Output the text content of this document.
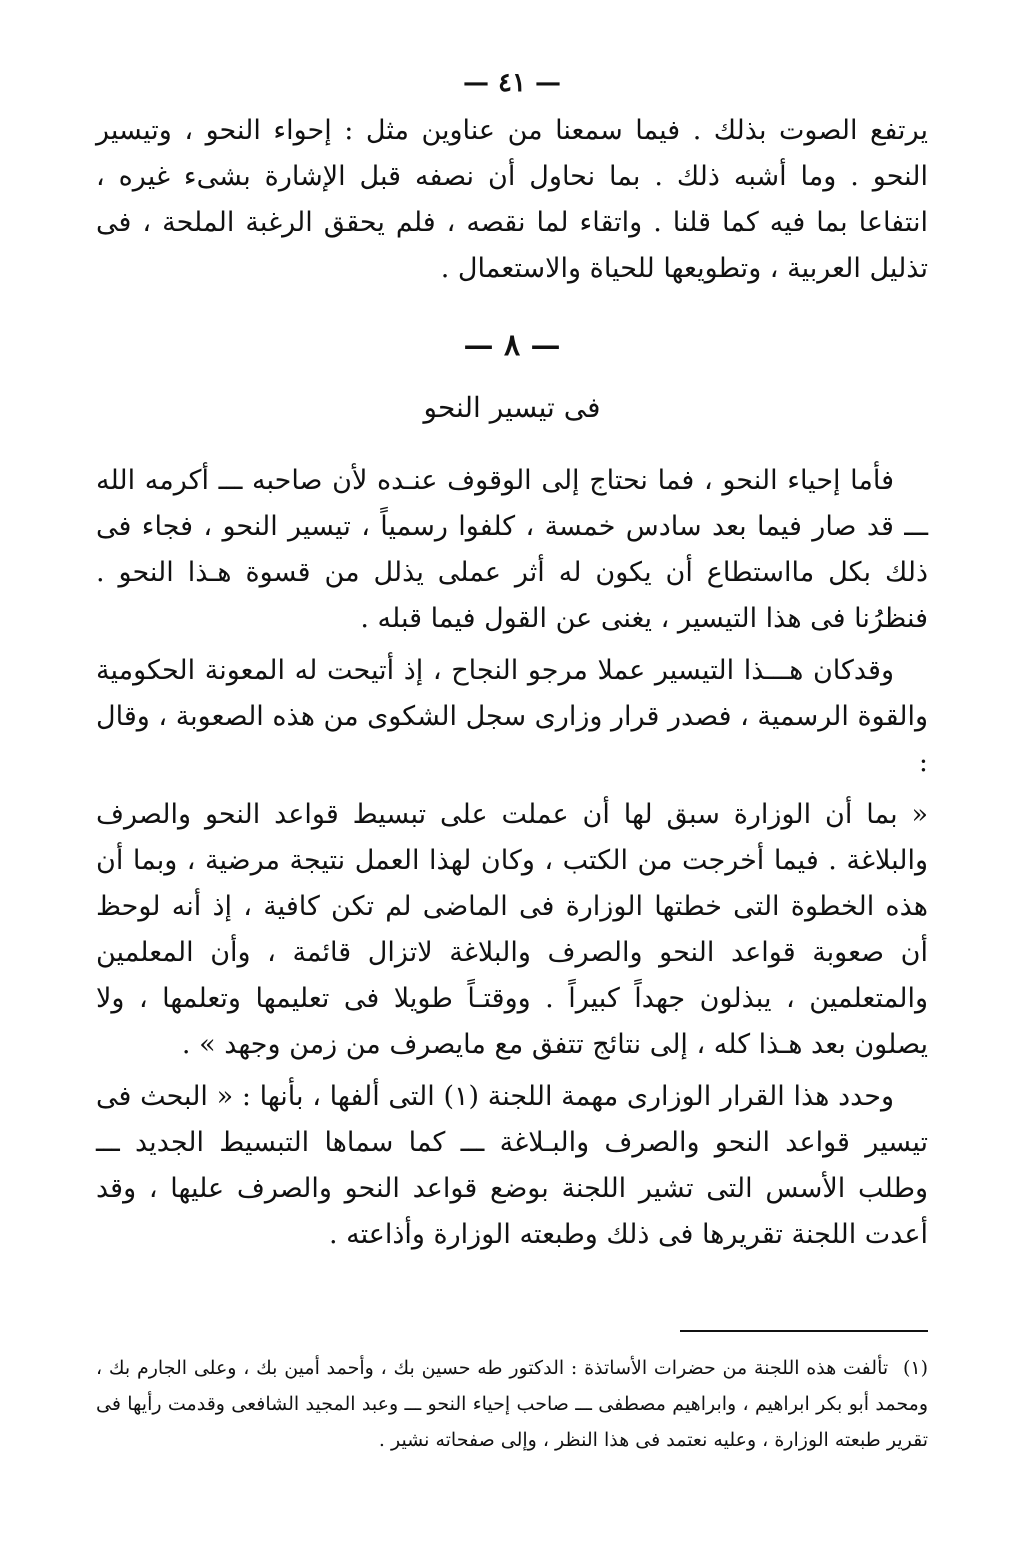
— ٤١ —

يرتفع الصوت بذلك . فيما سمعنا من عناوين مثل : إحواء النحو ، وتيسير النحو . وما أشبه ذلك . بما نحاول أن نصفه قبل الإشارة بشىء غيره ، انتفاعا بما فيه كما قلنا . واتقاء لما نقصه ، فلم يحقق الرغبة الملحة ، فى تذليل العربية ، وتطويعها للحياة والاستعمال .

— ٨ —
فى تيسير النحو

فأما إحياء النحو ، فما نحتاج إلى الوقوف عنـده لأن صاحبه ـــ أكرمه الله ـــ قد صار فيما بعد سادس خمسة ، كلفوا رسمياً ، تيسير النحو ، فجاء فى ذلك بكل مااستطاع أن يكون له أثر عملى يذلل من قسوة هـذا النحو . فنظرُنا فى هذا التيسير ، يغنى عن القول فيما قبله .

وقدكان هـــذا التيسير عملا مرجو النجاح ، إذ أتيحت له المعونة الحكومية والقوة الرسمية ، فصدر قرار وزارى سجل الشكوى من هذه الصعوبة ، وقال :

« بما أن الوزارة سبق لها أن عملت على تبسيط قواعد النحو والصرف والبلاغة . فيما أخرجت من الكتب ، وكان لهذا العمل نتيجة مرضية ، وبما أن هذه الخطوة التى خطتها الوزارة فى الماضى لم تكن كافية ، إذ أنه لوحظ أن صعوبة قواعد النحو والصرف والبلاغة لاتزال قائمة ، وأن المعلمين والمتعلمين ، يبذلون جهداً كبيراً . ووقتـاً طويلا فى تعليمها وتعلمها ، ولا يصلون بعد هـذا كله ، إلى نتائج تتفق مع مايصرف من زمن وجهد » .

وحدد هذا القرار الوزارى مهمة اللجنة (١) التى ألفها ، بأنها : « البحث فى تيسير قواعد النحو والصرف والبـلاغة ـــ كما سماها التبسيط الجديد ـــ وطلب الأسس التى تشير اللجنة بوضع قواعد النحو والصرف عليها ، وقد أعدت اللجنة تقريرها فى ذلك وطبعته الوزارة وأذاعته .

(١) تألفت هذه اللجنة من حضرات الأساتذة : الدكتور طه حسين بك ، وأحمد أمين بك ، وعلى الجارم بك ، ومحمد أبو بكر ابراهيم ، وابراهيم مصطفى ـــ صاحب إحياء النحو ـــ وعبد المجيد الشافعى وقدمت رأيها فى تقرير طبعته الوزارة ، وعليه نعتمد فى هذا النظر ، وإلى صفحاته نشير .
